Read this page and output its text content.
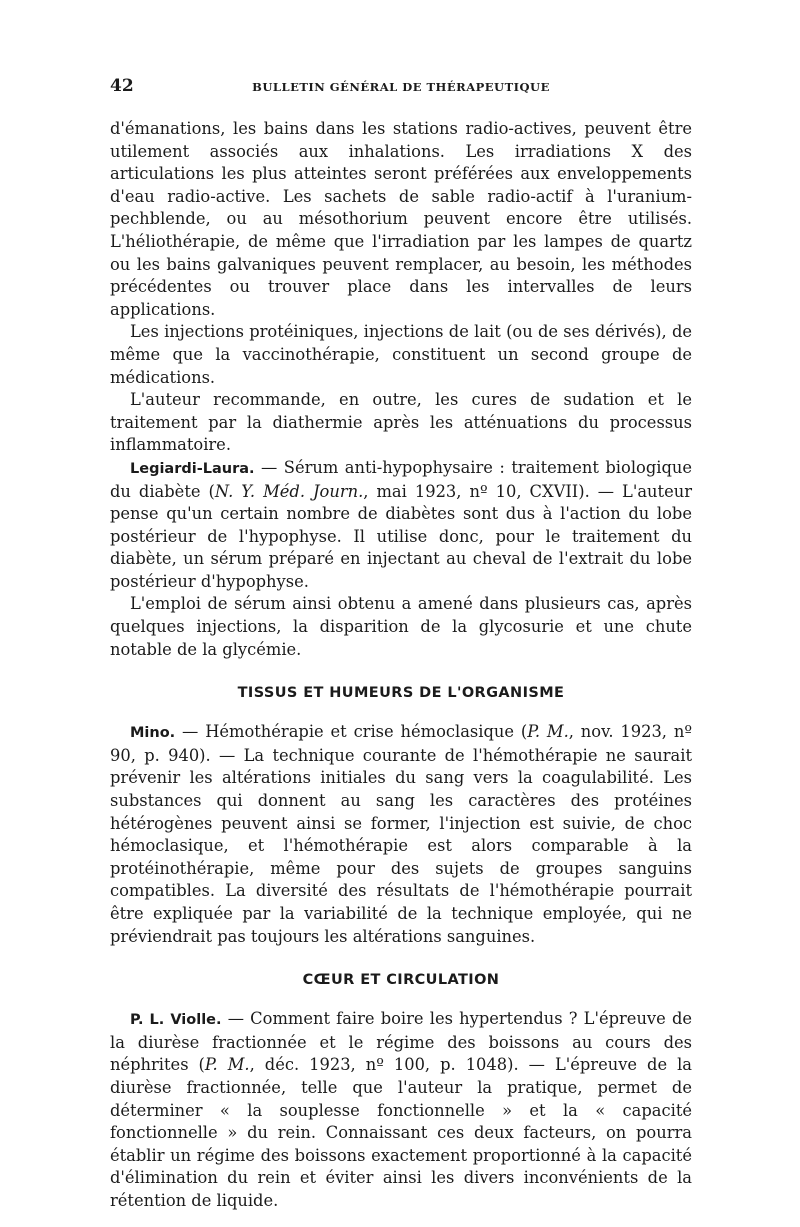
42	BULLETIN GÉNÉRAL DE THÉRAPEUTIQUE

d'émanations, les bains dans les stations radio-actives, peuvent être utilement associés aux inhalations. Les irradiations X des articulations les plus atteintes seront préférées aux enveloppements d'eau radio-active. Les sachets de sable radio-actif à l'uranium-pechblende, ou au mésothorium peuvent encore être utilisés. L'héliothérapie, de même que l'irradiation par les lampes de quartz ou les bains galvaniques peuvent remplacer, au besoin, les méthodes précédentes ou trouver place dans les intervalles de leurs applications.

Les injections protéiniques, injections de lait (ou de ses dérivés), de même que la vaccinothérapie, constituent un second groupe de médications.

L'auteur recommande, en outre, les cures de sudation et le traitement par la diathermie après les atténuations du processus inflammatoire.

Legiardi-Laura. — Sérum anti-hypophysaire : traitement biologique du diabète (N. Y. Méd. Journ., mai 1923, nº 10, CXVII). — L'auteur pense qu'un certain nombre de diabètes sont dus à l'action du lobe postérieur de l'hypophyse. Il utilise donc, pour le traitement du diabète, un sérum préparé en injectant au cheval de l'extrait du lobe postérieur d'hypophyse.

L'emploi de sérum ainsi obtenu a amené dans plusieurs cas, après quelques injections, la disparition de la glycosurie et une chute notable de la glycémie.

TISSUS ET HUMEURS DE L'ORGANISME

Mino. — Hémothérapie et crise hémoclasique (P. M., nov. 1923, nº 90, p. 940). — La technique courante de l'hémothérapie ne saurait prévenir les altérations initiales du sang vers la coagulabilité. Les substances qui donnent au sang les caractères des protéines hétérogènes peuvent ainsi se former, l'injection est suivie, de choc hémoclasique, et l'hémothérapie est alors comparable à la protéinothérapie, même pour des sujets de groupes sanguins compatibles. La diversité des résultats de l'hémothérapie pourrait être expliquée par la variabilité de la technique employée, qui ne préviendrait pas toujours les altérations sanguines.

CŒUR ET CIRCULATION

P. L. Violle. — Comment faire boire les hypertendus ? L'épreuve de la diurèse fractionnée et le régime des boissons au cours des néphrites (P. M., déc. 1923, nº 100, p. 1048). — L'épreuve de la diurèse fractionnée, telle que l'auteur la pratique, permet de déterminer « la souplesse fonctionnelle » et la « capacité fonctionnelle » du rein. Connaissant ces deux facteurs, on pourra établir un régime des boissons exactement proportionné à la capacité d'élimination du rein et éviter ainsi les divers inconvénients de la rétention de liquide.
